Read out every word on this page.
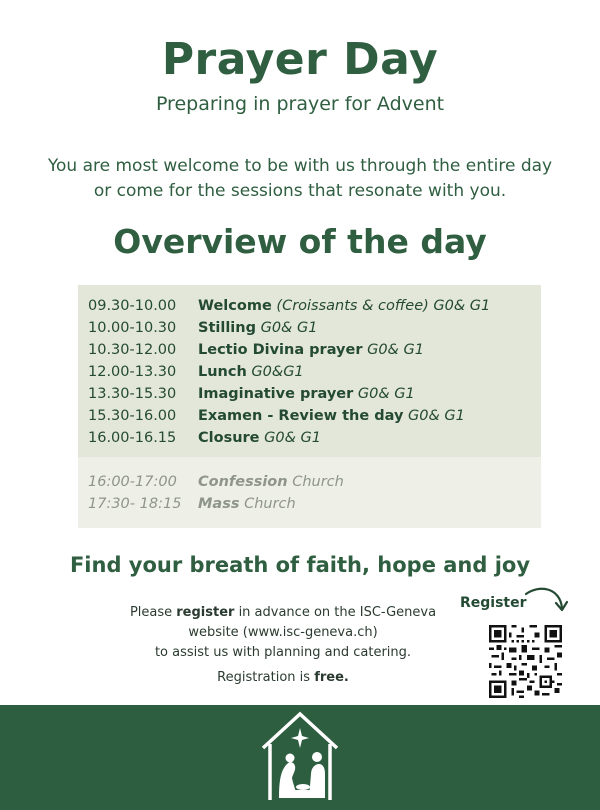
Prayer Day
Preparing in prayer for Advent
You are most welcome to be with us through the entire day
or come for the sessions that resonate with you.
Overview of the day
09.30-10.00 Welcome (Croissants & coffee) G0& G1
10.00-10.30 Stilling G0& G1
10.30-12.00 Lectio Divina prayer G0& G1
12.00-13.30 Lunch G0&G1
13.30-15.30 Imaginative prayer G0& G1
15.30-16.00 Examen - Review the day G0& G1
16.00-16.15 Closure G0& G1
16:00-17:00 Confession Church
17:30- 18:15 Mass Church
Find your breath of faith, hope and joy
Please register in advance on the ISC-Geneva
website (www.isc-geneva.ch)
to assist us with planning and catering.
Registration is free.
Register
